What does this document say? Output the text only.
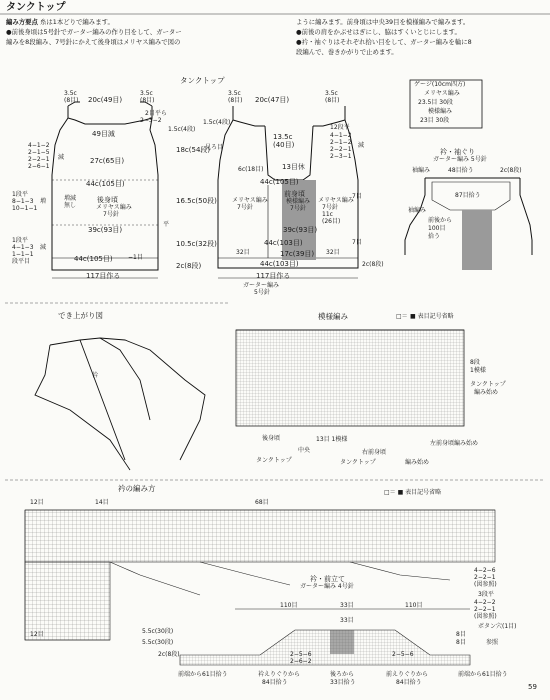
タンクトップ
編み方要点 糸は1本どりで編みます。
●前後身頃は5号針でガーター編みの作り目をして、ガーター
編みを8段編み、7号針にかえて後身頃はメリヤス編みで図の
ように編みます。前身頃は中央39目を模様編みで編みます。
●前後の肩をかぶせはぎにし、脇はすくいとじにします。
●衿・袖ぐりはそれぞれ拾い目をして、ガーター編みを輪に8
段編んで、巻きかがりで止めます。
タンクトップ
3.5c
(8目) 20c(49目)
3.5c
(8目)
2目平ら
2−3−2
1.5c(4段)
49目減
4−1−2
2−1−5
2−2−1
2−6−1
減	27c(65目)
44c(105目)
1段平
8−1−3
10−1−1
増	増減
無し
後身頃
メリヤス編み
7号針
39c(93目)
1段平
4−1−3
1−1−1
段平目
減
44c(105目)	−1目
117目作る
18c(54段)
16.5c(50段)
10.5c(32段)
2c(8段)
平
3.5c
(8目) 20c(47目)
3.5c
(8目)
1.5c(4段)
13.5c
(40目)
12段平
4−1−2
2−1−2
2−2−1
2−3−1
減
13目休
6c(18目)
44c(105目)
前身頃
模様編み
7号針
メリヤス編み
7号針
メリヤス編み
7号針
11c
(26目)
39c(93目)
44c(103目)
17c(39目)
32目	32目
44c(103目)
7目
7目
117目作る
ガーター編み
5号針
見ろ目
2c(8段)
ゲージ(10cm四方)
メリヤス編み
23.5目 30段
模様編み
23目 30段
衿・袖ぐり
ガーター編み 5号針
48目拾う	2c(8段)
袖編み
袖編み
前後から
100目
拾う
87目拾う
でき上がり図
衿
模様編み	□＝ ■ 表目記号省略
8段
1模様
タンクトップ
編み始め
後身頃
中央
タンクトップ
13目 1模様
右前身頃
編み始め
タンクトップ
左前身頃編み始め
衿の編み方	□＝ ■ 表目記号省略
12目	14目	68目
12目	5.5c(30段)
5.5c(30段)
2c(8段)
衿・前立て
ガーター編み 4号針
110目	33目	110目
33目
4−2−6
2−2−1
(図参照)
3段平
4−2−2
2−2−1
(図参照)
8目
8目
ボタン穴(1目)
参照
2−5−6
2−6−2
2−5−6
前端から61目拾う	衿えりぐりから
84目拾う
後ろから
33目拾う
前えりぐりから
84目拾う
前端から61目拾う
59
